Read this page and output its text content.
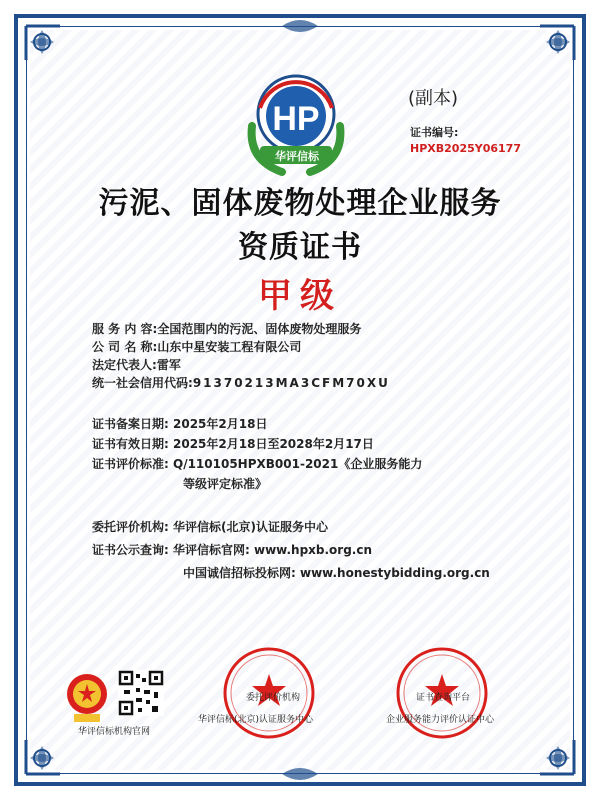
(副本)
证书编号:
HPXB2025Y06177
HP
华评信标
污泥、固体废物处理企业服务
资质证书
甲级
服 务 内 容:全国范围内的污泥、固体废物处理服务
公 司 名 称:山东中星安装工程有限公司
法定代表人:雷军
统一社会信用代码:91370213MA3CFM70XU
证书备案日期: 2025年2月18日
证书有效日期: 2025年2月18日至2028年2月17日
证书评价标准: Q/110105HPXB001-2021《企业服务能力
等级评定标准》
委托评价机构: 华评信标(北京)认证服务中心
证书公示查询: 华评信标官网: www.hpxb.org.cn
中国诚信招标投标网: www.honestybidding.org.cn
华评信标机构官网
委托评价机构
华评信标(北京)认证服务中心
证书查询平台
企业服务能力评价认证中心
